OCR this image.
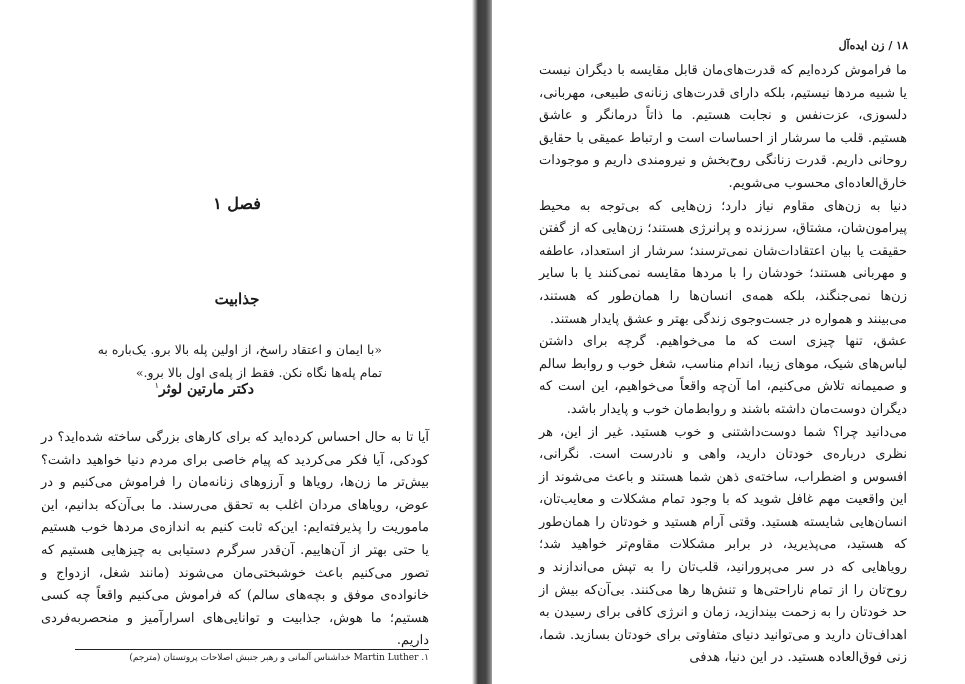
فصل ۱
جذابیت
«با ایمان و اعتقاد راسخ، از اولین پله بالا برو. یک‌باره به تمام پله‌ها نگاه نکن. فقط از پله‌ی اول بالا برو.»
دکتر مارتین لوثر$^۱$

آیا تا به حال احساس کرده‌اید که برای کارهای بزرگی ساخته شده‌اید؟ در کودکی، آیا فکر می‌کردید که پیام خاصی برای مردم دنیا خواهید داشت؟ بیش‌تر ما زن‌ها، رویاها و آرزوهای زنانه‌مان را فراموش می‌کنیم و در عوض، رویاهای مردان اغلب به تحقق می‌رسند. ما بی‌آن‌که بدانیم، این ماموریت را پذیرفته‌ایم: این‌که ثابت کنیم به اندازه‌ی مردها خوب هستیم یا حتی بهتر از آن‌هاییم. آن‌قدر سرگرم دستیابی به چیزهایی هستیم که تصور می‌کنیم باعث خوشبختی‌مان می‌شوند (مانند شغل، ازدواج و خانواده‌ی موفق و بچه‌های سالم) که فراموش می‌کنیم واقعاً چه کسی هستیم؛ ما هوش، جذابیت و توانایی‌های اسرارآمیز و منحصربه‌فردی داریم.

۱. Martin Luther خداشناس آلمانی و رهبر جنبش اصلاحات پروتستان (مترجم)
۱۸ / زن ایده‌آل

ما فراموش کرده‌ایم که قدرت‌های‌مان قابل مقایسه با دیگران نیست یا شبیه مردها نیستیم، بلکه دارای قدرت‌های زنانه‌ی طبیعی، مهربانی، دلسوزی، عزت‌نفس و نجابت هستیم. ما ذاتاً درمانگر و عاشق هستیم. قلب ما سرشار از احساسات است و ارتباط عمیقی با حقایق روحانی داریم. قدرت زنانگی روح‌بخش و نیرومندی داریم و موجودات خارق‌العاده‌ای محسوب می‌شویم.

دنیا به زن‌های مقاوم نیاز دارد؛ زن‌هایی که بی‌توجه به محیط پیرامون‌شان، مشتاق، سرزنده و پرانرژی هستند؛ زن‌هایی که از گفتن حقیقت یا بیان اعتقادات‌شان نمی‌ترسند؛ سرشار از استعداد، عاطفه و مهربانی هستند؛ خودشان را با مردها مقایسه نمی‌کنند یا با سایر زن‌ها نمی‌جنگند، بلکه همه‌ی انسان‌ها را همان‌طور که هستند، می‌بینند و همواره در جست‌وجوی زندگی بهتر و عشق پایدار هستند.

عشق، تنها چیزی است که ما می‌خواهیم. گرچه برای داشتن لباس‌های شیک، موهای زیبا، اندام مناسب، شغل خوب و روابط سالم و صمیمانه تلاش می‌کنیم، اما آن‌چه واقعاً می‌خواهیم، این است که دیگران دوست‌مان داشته باشند و روابط‌مان خوب و پایدار باشد.

می‌دانید چرا؟ شما دوست‌داشتنی و خوب هستید. غیر از این، هر نظری درباره‌ی خودتان دارید، واهی و نادرست است. نگرانی، افسوس و اضطراب، ساخته‌ی ذهن شما هستند و باعث می‌شوند از این واقعیت مهم غافل شوید که با وجود تمام مشکلات و معایب‌تان، انسان‌هایی شایسته هستید. وقتی آرام هستید و خودتان را همان‌طور که هستید، می‌پذیرید، در برابر مشکلات مقاوم‌تر خواهید شد؛ رویاهایی که در سر می‌پرورانید، قلب‌تان را به تپش می‌اندازند و روح‌تان را از تمام ناراحتی‌ها و تنش‌ها رها می‌کنند. بی‌آن‌که بیش از حد خودتان را به زحمت بیندازید، زمان و انرژی کافی برای رسیدن به اهداف‌تان دارید و می‌توانید دنیای متفاوتی برای خودتان بسازید. شما، زنی فوق‌العاده هستید. در این دنیا، هدفی
